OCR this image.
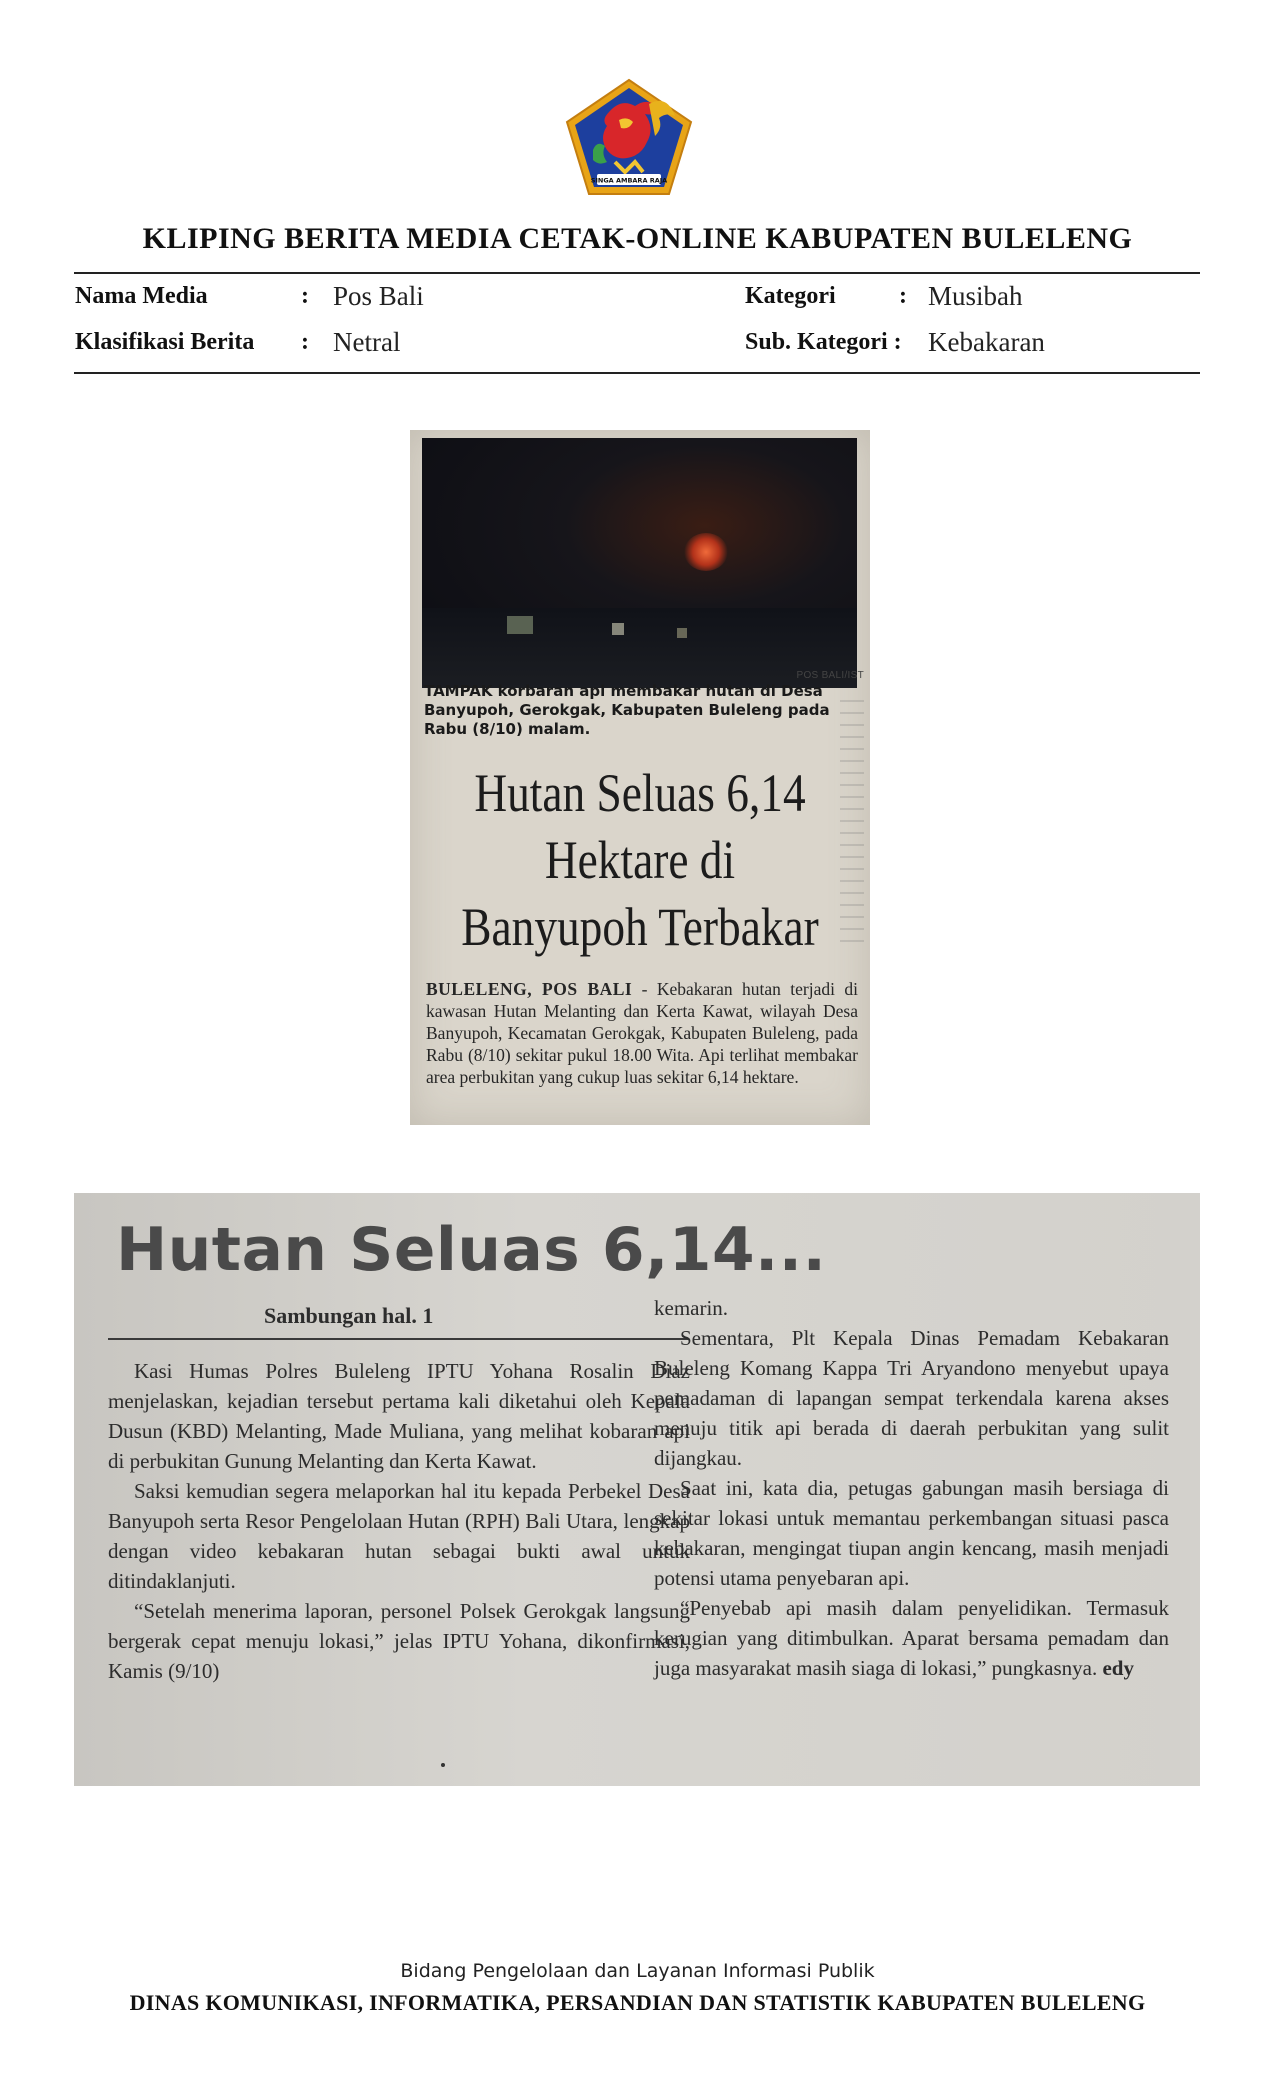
SINGA AMBARA RAJA
KLIPING BERITA MEDIA CETAK-ONLINE KABUPATEN BULELENG
Nama Media	: Pos Bali	Kategori	: Musibah
Klasifikasi Berita : Netral	Sub. Kategori : Kebakaran
POS BALI/IST
TAMPAK korbaran api membakar hutan di Desa Banyupoh, Gerokgak, Kabupaten Buleleng pada Rabu (8/10) malam.
Hutan Seluas 6,14 Hektare di Banyupoh Terbakar
BULELENG, POS BALI - Kebakaran hutan terjadi di kawasan Hutan Melanting dan Kerta Kawat, wilayah Desa Banyupoh, Kecamatan Gerokgak, Kabupaten Buleleng, pada Rabu (8/10) sekitar pukul 18.00 Wita. Api terlihat membakar area perbukitan yang cukup luas sekitar 6,14 hektare.
Hutan Seluas 6,14...
Sambungan hal. 1

Kasi Humas Polres Buleleng IPTU Yohana Rosalin Diaz menjelaskan, kejadian tersebut pertama kali diketahui oleh Kepala Dusun (KBD) Melanting, Made Muliana, yang melihat kobaran api di perbukitan Gunung Melanting dan Kerta Kawat.

Saksi kemudian segera melaporkan hal itu kepada Perbekel Desa Banyupoh serta Resor Pengelolaan Hutan (RPH) Bali Utara, lengkap dengan video kebakaran hutan sebagai bukti awal untuk ditindaklanjuti.

“Setelah menerima laporan, personel Polsek Gerokgak langsung bergerak cepat menuju lokasi,” jelas IPTU Yohana, dikonfirmasi, Kamis (9/10)

kemarin.

Sementara, Plt Kepala Dinas Pemadam Kebakaran Buleleng Komang Kappa Tri Aryandono menyebut upaya pemadaman di lapangan sempat terkendala karena akses menuju titik api berada di daerah perbukitan yang sulit dijangkau.

Saat ini, kata dia, petugas gabungan masih bersiaga di sekitar lokasi untuk memantau perkembangan situasi pasca kebakaran, mengingat tiupan angin kencang, masih menjadi potensi utama penyebaran api.

“Penyebab api masih dalam penyelidikan. Termasuk kerugian yang ditimbulkan. Aparat bersama pemadam dan juga masyarakat masih siaga di lokasi,” pungkasnya. edy

Bidang Pengelolaan dan Layanan Informasi Publik
DINAS KOMUNIKASI, INFORMATIKA, PERSANDIAN DAN STATISTIK KABUPATEN BULELENG
